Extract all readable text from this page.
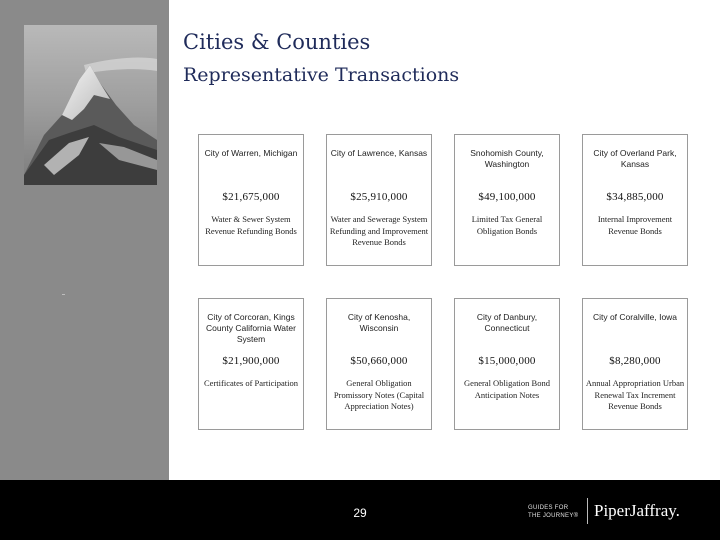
Cities & Counties
Representative Transactions
City of Warren, Michigan
$21,675,000
Water & Sewer System Revenue Refunding Bonds
City of Lawrence, Kansas
$25,910,000
Water and Sewerage System Refunding and Improvement Revenue Bonds
Snohomish County, Washington
$49,100,000
Limited Tax General Obligation Bonds
City of Overland Park, Kansas
$34,885,000
Internal Improvement Revenue Bonds
City of Corcoran, Kings County California Water System
$21,900,000
Certificates of Participation
City of Kenosha, Wisconsin
$50,660,000
General Obligation Promissory Notes (Capital Appreciation Notes)
City of Danbury, Connecticut
$15,000,000
General Obligation Bond Anticipation Notes
City of Coralville, Iowa
$8,280,000
Annual Appropriation Urban Renewal Tax Increment Revenue Bonds
29	GUIDES FOR
THE JOURNEY® PiperJaffray.
